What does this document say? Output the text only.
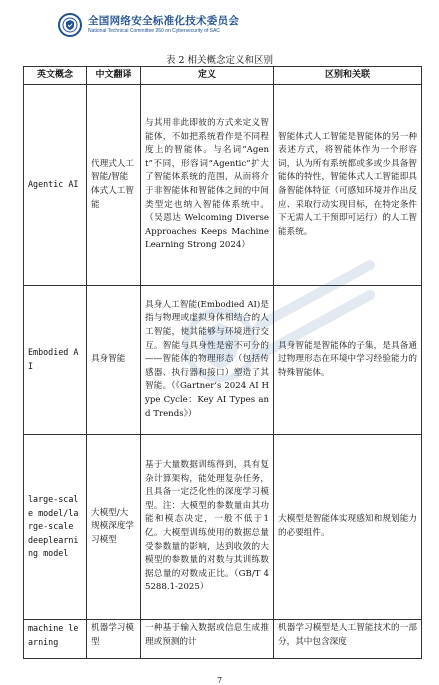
全国网络安全标准化技术委员会
National Technical Committee 260 on Cybersecurity of SAC
表 2 相关概念定义和区别
英文概念	中文翻译	定义	区别和关联
Agentic AI	代理式人工智能/智能体式人工智能	与其用非此即彼的方式来定义智能体，不如把系统看作是不同程度上的智能体。与名词“Agent”不同，形容词“Agentic”扩大了智能体系统的范围，从而将介于非智能体和智能体之间的中间类型定也纳入智能体系统中。（吴恩达 Welcoming Diverse Approaches Keeps Machine Learning Strong 2024）	智能体式人工智能是智能体的另一种表述方式，将智能体作为一个形容词，认为所有系统都或多或少具备智能体的特性，智能体式人工智能即具备智能体特征（可感知环境并作出反应、采取行动实现目标，在特定条件下无需人工干预即可运行）的人工智能系统。
Embodied AI	具身智能	具身人工智能(Embodied AI)是指与物理或虚拟身体相结合的人工智能，使其能够与环境进行交互。智能与具身性是密不可分的——智能体的物理形态（包括传感器、执行器和接口）塑造了其智能。（《Gartner’s 2024 AI Hype Cycle：Key AI Types and Trends》）	具身智能是智能体的子集，是具备通过物理形态在环境中学习经验能力的特殊智能体。
large-scale model/large-scale deeplearning model	大模型/大规模深度学习模型	基于大量数据训练得到，具有复杂计算架构，能处理复杂任务，且具备一定泛化性的深度学习模型。注：大模型的参数量由其功能和模态决定，一般不低于1亿。大模型训练使用的数据总量受参数量的影响，达到收敛的大模型的参数量的对数与其训练数据总量的对数成正比。（GB/T 45288.1-2025）	大模型是智能体实现感知和规划能力的必要组件。
machine learning	机器学习模型	一种基于输入数据或信息生成推理或预测的计	机器学习模型是人工智能技术的一部分，其中包含深度
7
